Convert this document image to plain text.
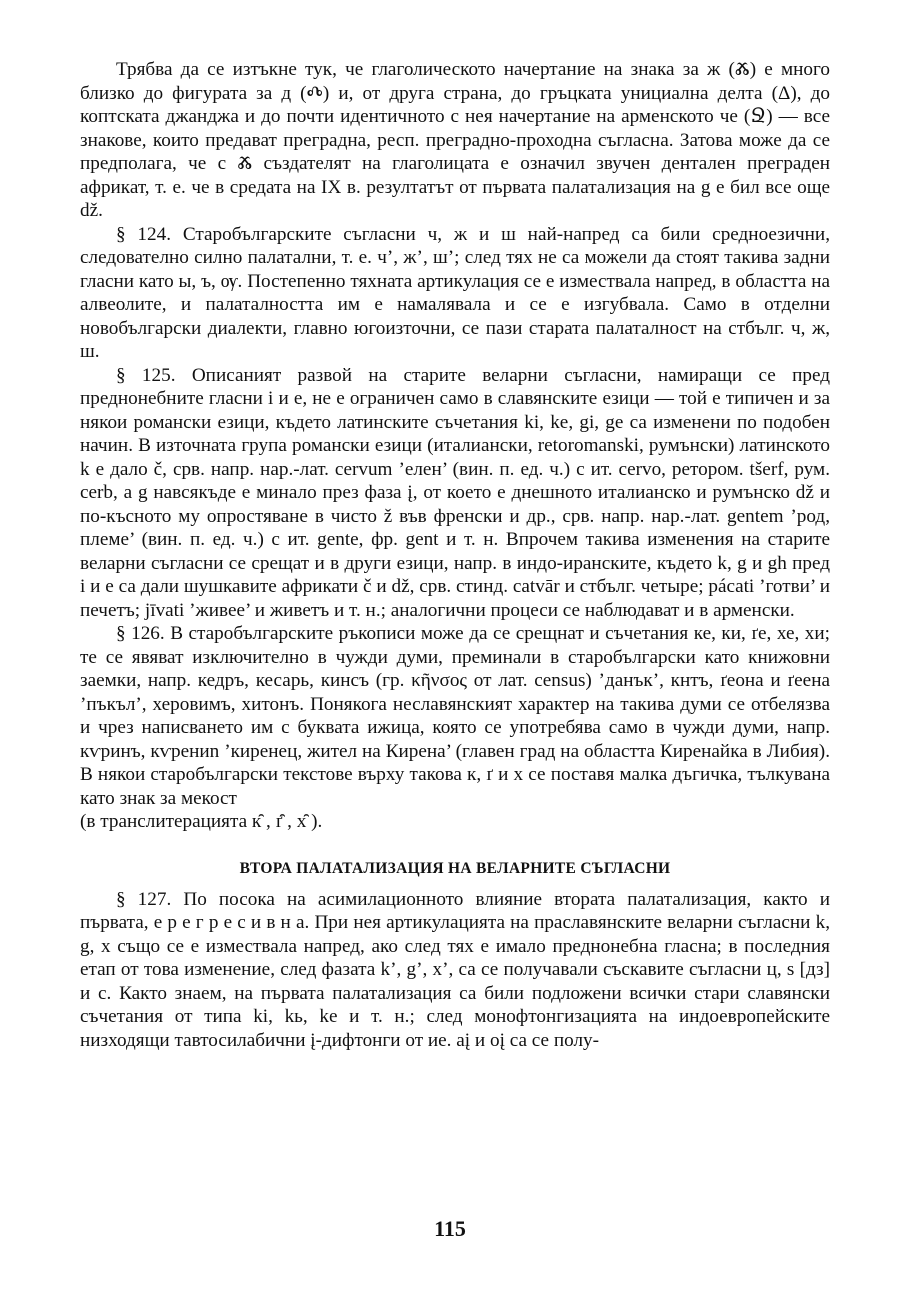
Трябва да се изтъкне тук, че глаголическото начертание на знака за ж (Ⰶ) е много близко до фигурата за д (Ⰴ) и, от друга страна, до гръцката унициална делта (Δ), до коптската джанджа и до почти идентичното с нея начертание на арменското че (Ջ) — все знакове, които предават преградна, респ. преградно-проходна съгласна. Затова може да се предполага, че с Ⰶ създателят на глаголицата е означил звучен дентален преграден африкат, т. е. че в средата на IX в. резултатът от първата палатализация на g е бил все още dž.

§ 124. Старобългарските съгласни ч, ж и ш най-напред са били средноезични, следователно силно палатални, т. е. ч’, ж’, ш’; след тях не са можели да стоят такива задни гласни като ы, ъ, ѹ. Постепенно тяхната артикулация се е измествала напред, в областта на алвеолите, и палаталността им е намалявала и се е изгубвала. Само в отделни новобългарски диалекти, главно югоизточни, се пази старата палаталност на стбълг. ч, ж, ш.

§ 125. Описаният развой на старите веларни съгласни, намиращи се пред преднонебните гласни i и e, не е ограничен само в славянските езици — той е типичен и за някои романски езици, където латинските съчетания ki, ke, gi, ge са изменени по подобен начин. В източната група романски езици (италиански, retoromanski, румънски) латинското k е дало č, срв. напр. нар.-лат. cervum ’елен’ (вин. п. ед. ч.) с ит. cervo, ретором. tšerf, рум. cerb, а g навсякъде е минало през фаза į, от което е днешното италианско и румънско dž и по-късното му опростяване в чисто ž във френски и др., срв. напр. нар.-лат. gentem ’род, племе’ (вин. п. ед. ч.) с ит. gente, фр. gent и т. н. Впрочем такива изменения на старите веларни съгласни се срещат и в други езици, напр. в индо-иранските, където k, g и gh пред i и e са дали шушкавите африкати č и dž, срв. стинд. catvār и стбълг. четыре; pácati ’готви’ и печетъ; jīvati ’живее’ и живетъ и т. н.; аналогични процеси се наблюдават и в арменски.

§ 126. В старобългарските ръкописи може да се срещнат и съчетания ке, ки, ґе, хе, хи; те се явяват изключително в чужди думи, преминали в старобългарски като книжовни заемки, напр. кедръ, кесарь, кинсъ (гр. κῆνσος от лат. census) ’данък’, кнтъ, ґеона и ґеена ’пъкъл’, херовимъ, хитонъ. Понякога неславянският характер на такива думи се отбелязва и чрез написването им с буквата ижица, която се употребява само в чужди думи, напр. кѵринъ, кѵрениn ’киренец, жител на Кирена’ (главен град на областта Киренайка в Либия). В някои старобългарски текстове върху такова к, ґ и х се поставя малка дъгичка, тълкувана като знак за мекост

(в транслитерацията к̑ , ґ̑ , х̑ ).

ВТОРА ПАЛАТАЛИЗАЦИЯ НА ВЕЛАРНИТЕ СЪГЛАСНИ

§ 127. По посока на асимилационното влияние втората палатализация, както и първата, е р е г р е с и в н а. При нея артикулацията на праславянските веларни съгласни k, g, x също се е измествала напред, ако след тях е имало преднонебна гласна; в последния етап от това изменение, след фазата k’, g’, x’, са се получавали съскавите съгласни ц, ѕ [дз] и с. Както знаем, на първата палатализация са били подложени всички стари славянски съчетания от типа ki, kь, ke и т. н.; след монофтонгизацията на индоевропейските низходящи тавтосилабични į-дифтонги от ие. aį и oį са се полу-

115
